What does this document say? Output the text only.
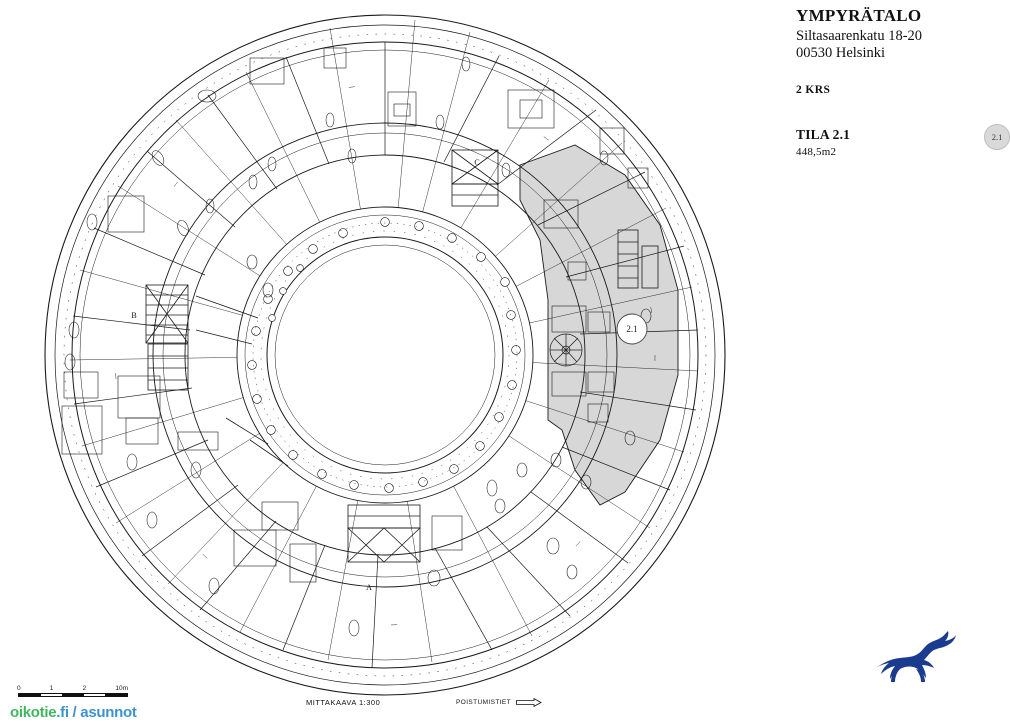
A
B
C
2.1
YMPYRÄTALO
Siltasaarenkatu 18-20
00530 Helsinki
2 KRS
TILA 2.1
448,5m2
2.1
0	1	2	10m
MITTAKAAVA 1:300	POISTUMISTIET
oikotie.fi / asunnot
